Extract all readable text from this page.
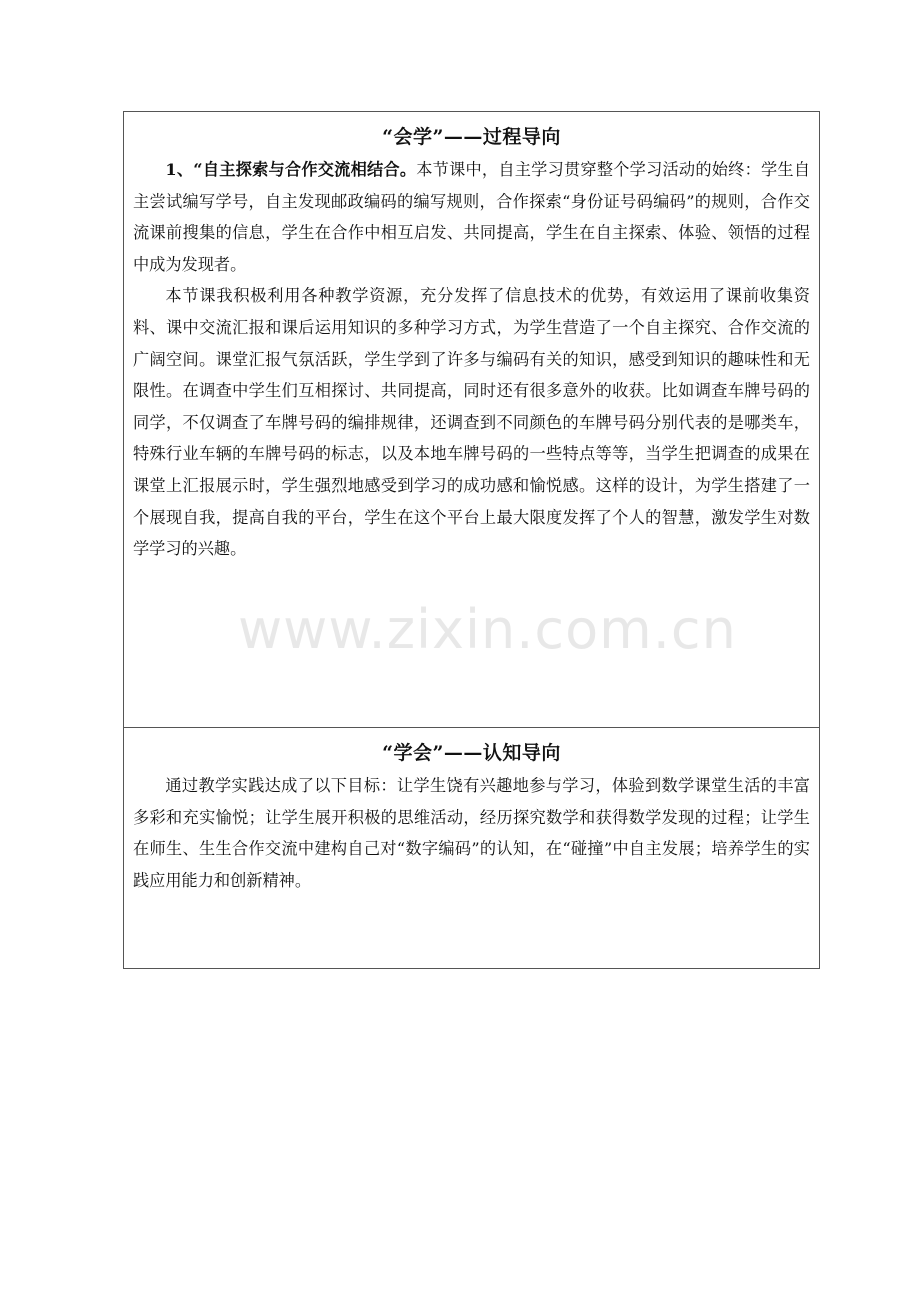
“会学”——过程导向

1、“自主探索与合作交流相结合。本节课中，自主学习贯穿整个学习活动的始终：学生自主尝试编写学号，自主发现邮政编码的编写规则，合作探索“身份证号码编码”的规则，合作交流课前搜集的信息，学生在合作中相互启发、共同提高，学生在自主探索、体验、领悟的过程中成为发现者。

本节课我积极利用各种教学资源，充分发挥了信息技术的优势，有效运用了课前收集资料、课中交流汇报和课后运用知识的多种学习方式，为学生营造了一个自主探究、合作交流的广阔空间。课堂汇报气氛活跃，学生学到了许多与编码有关的知识，感受到知识的趣味性和无限性。在调查中学生们互相探讨、共同提高，同时还有很多意外的收获。比如调查车牌号码的同学，不仅调查了车牌号码的编排规律，还调查到不同颜色的车牌号码分别代表的是哪类车，特殊行业车辆的车牌号码的标志，以及本地车牌号码的一些特点等等，当学生把调查的成果在课堂上汇报展示时，学生强烈地感受到学习的成功感和愉悦感。这样的设计，为学生搭建了一个展现自我，提高自我的平台，学生在这个平台上最大限度发挥了个人的智慧，激发学生对数学学习的兴趣。

“学会”——认知导向

通过教学实践达成了以下目标：让学生饶有兴趣地参与学习，体验到数学课堂生活的丰富多彩和充实愉悦；让学生展开积极的思维活动，经历探究数学和获得数学发现的过程；让学生在师生、生生合作交流中建构自己对“数字编码”的认知，在“碰撞”中自主发展；培养学生的实践应用能力和创新精神。

www.zixin.com.cn
